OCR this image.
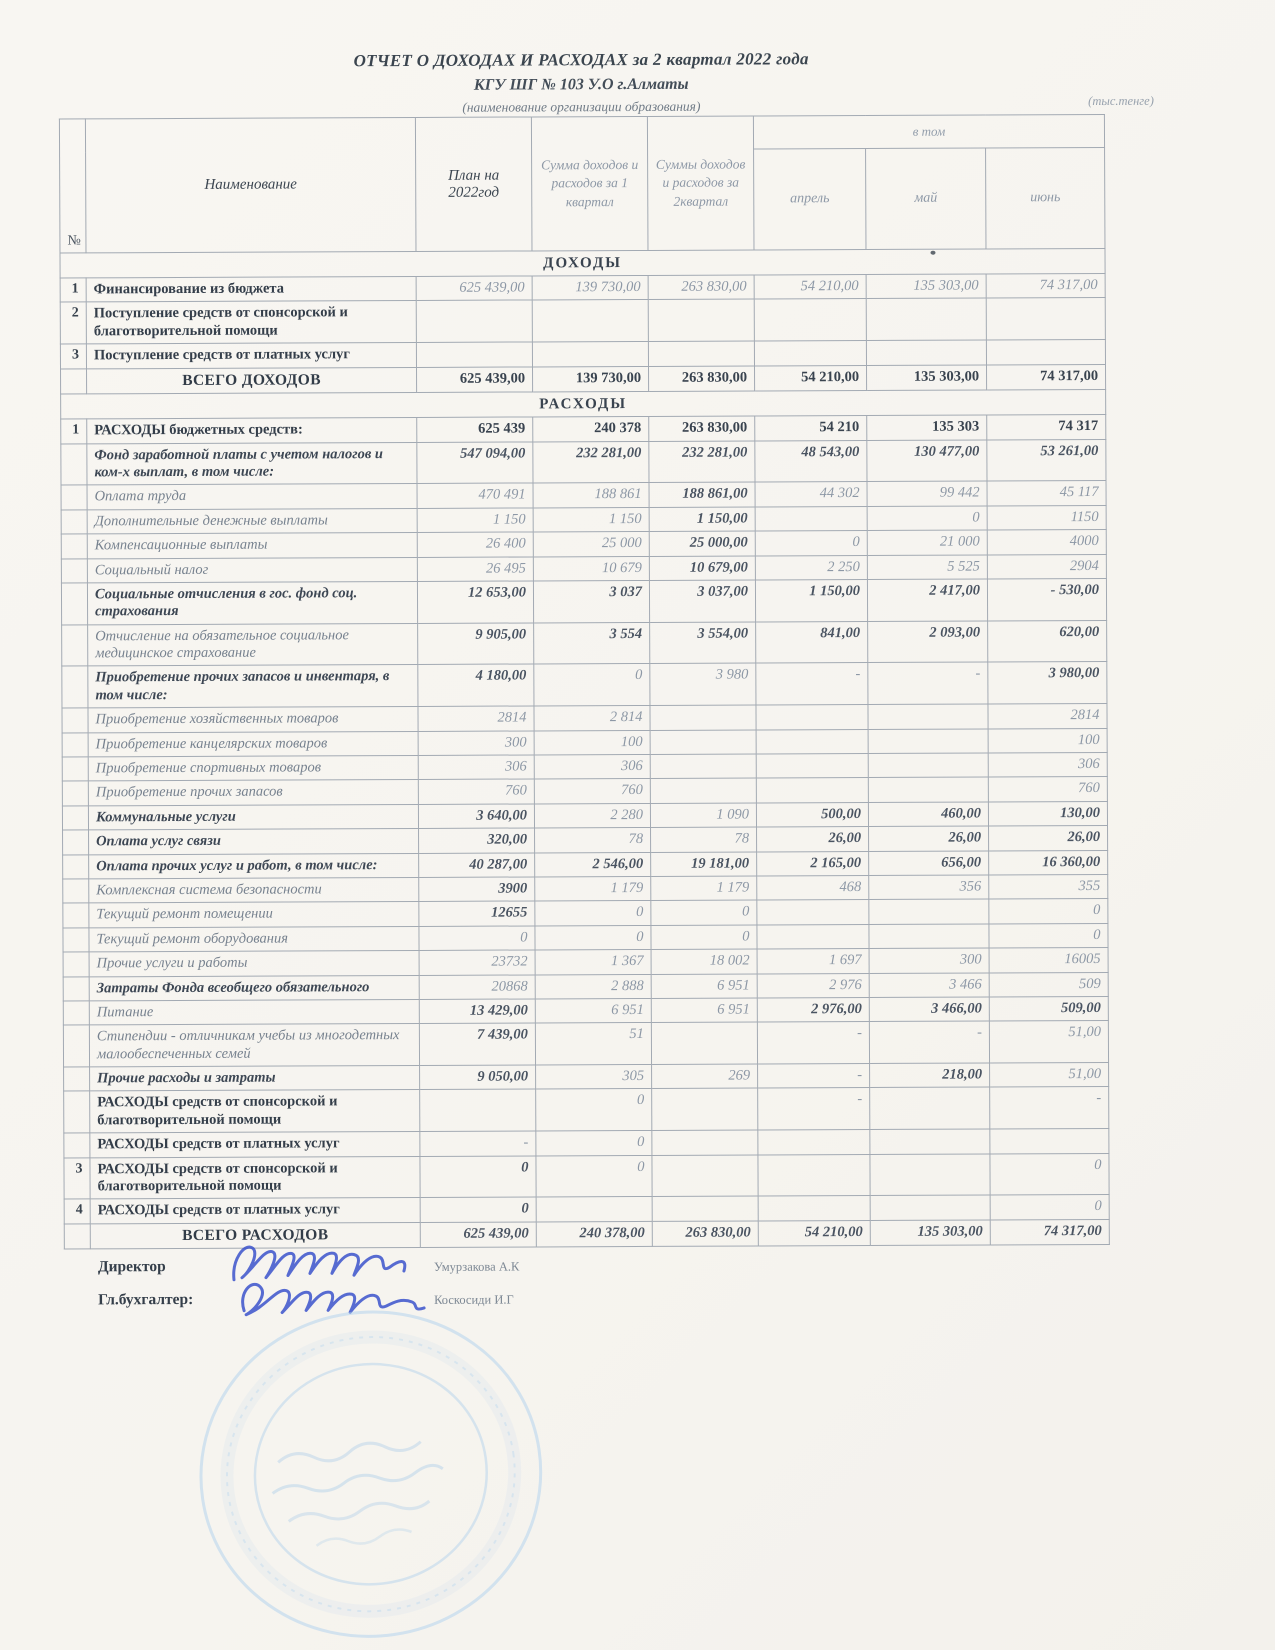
ОТЧЕТ О ДОХОДАХ И РАСХОДАХ за 2 квартал 2022 года
КГУ ШГ № 103 У.О г.Алматы
(наименование организации образования)	(тыс.тенге)
№	Наименование	План на 2022год	Сумма доходов и расходов за 1 квартал	Суммы доходов и расходов за 2квартал	в том		
					апрель	май	июнь
ДОХОДЫ							
1	Финансирование из бюджета	625 439,00	139 730,00	263 830,00	54 210,00	135 303,00	74 317,00
2	Поступление средств от спонсорской и благотворительной помощи						
3	Поступление средств от платных услуг						
	ВСЕГО ДОХОДОВ	625 439,00	139 730,00	263 830,00	54 210,00	135 303,00	74 317,00
РАСХОДЫ							
1	РАСХОДЫ бюджетных средств:	625 439	240 378	263 830,00	54 210	135 303	74 317
	Фонд заработной платы с учетом налогов и ком-х выплат, в том числе:	547 094,00	232 281,00	232 281,00	48 543,00	130 477,00	53 261,00
	Оплата труда	470 491	188 861	188 861,00	44 302	99 442	45 117
	Дополнительные денежные выплаты	1 150	1 150	1 150,00		0	1150
	Компенсационные выплаты	26 400	25 000	25 000,00	0	21 000	4000
	Социальный налог	26 495	10 679	10 679,00	2 250	5 525	2904
	Социальные отчисления в гос. фонд соц. страхования	12 653,00	3 037	3 037,00	1 150,00	2 417,00	- 530,00
	Отчисление на обязательное социальное медицинское страхование	9 905,00	3 554	3 554,00	841,00	2 093,00	620,00
	Приобретение прочих запасов и инвентаря, в том числе:	4 180,00	0	3 980	-	-	3 980,00
	Приобретение хозяйственных товаров	2814	2 814				2814
	Приобретение канцелярских товаров	300	100				100
	Приобретение спортивных товаров	306	306				306
	Приобретение прочих запасов	760	760				760
	Коммунальные услуги	3 640,00	2 280	1 090	500,00	460,00	130,00
	Оплата услуг связи	320,00	78	78	26,00	26,00	26,00
	Оплата прочих услуг и работ, в том числе:	40 287,00	2 546,00	19 181,00	2 165,00	656,00	16 360,00
	Комплексная система безопасности	3900	1 179	1 179	468	356	355
	Текущий ремонт помещении	12655	0	0			0
	Текущий ремонт оборудования	0	0	0			0
	Прочие услуги и работы	23732	1 367	18 002	1 697	300	16005
	Затраты Фонда всеобщего обязательного	20868	2 888	6 951	2 976	3 466	509
	Питание	13 429,00	6 951	6 951	2 976,00	3 466,00	509,00
	Стипендии - отличникам учебы из многодетных малообеспеченных семей	7 439,00	51		-	-	51,00
	Прочие расходы и затраты	9 050,00	305	269	-	218,00	51,00
	РАСХОДЫ средств от спонсорской и благотворительной помощи		0		-		-
	РАСХОДЫ средств от платных услуг	-	0				
3	РАСХОДЫ средств от спонсорской и благотворительной помощи	0	0				0
4	РАСХОДЫ средств от платных услуг	0					0
	ВСЕГО РАСХОДОВ	625 439,00	240 378,00	263 830,00	54 210,00	135 303,00	74 317,00
Директор	Умурзакова А.К
Гл.бухгалтер:	Коскосиди И.Г
